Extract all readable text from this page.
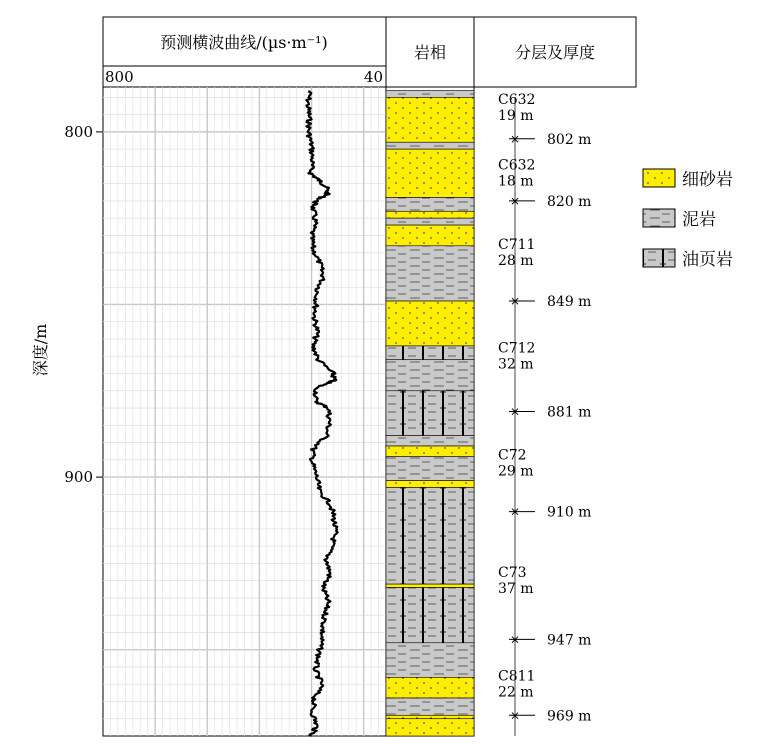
预测横波曲线/(µs·m⁻¹)
800	40
岩相	分层及厚度
深度/m
800
900
C632
19 m
× 802 m
C632
18 m
× 820 m
C711
28 m
× 849 m
C712
32 m
× 881 m
C72
29 m
× 910 m
C73
37 m
× 947 m
C811
22 m
× 969 m
细砂岩
泥岩
油页岩
